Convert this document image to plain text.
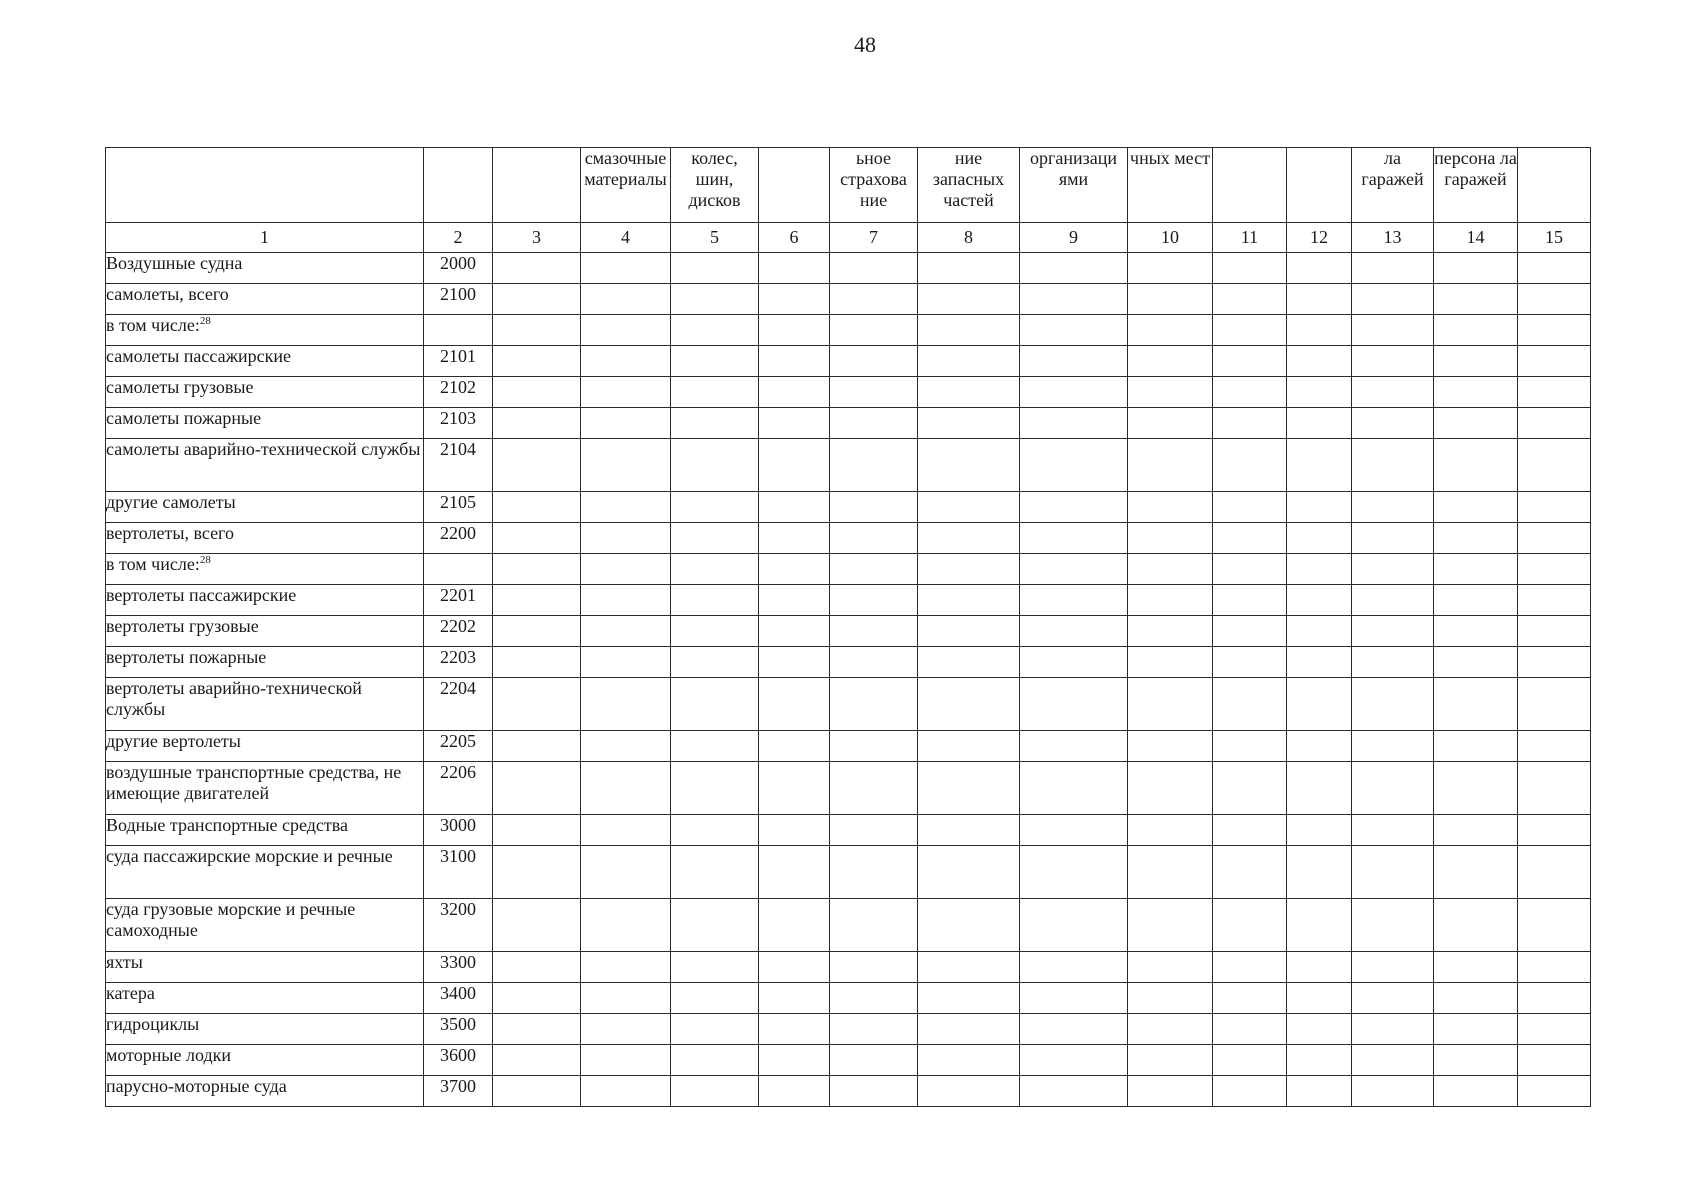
48
			смазочные материалы	колес, шин, дисков		ьное страхова ние	ние запасных частей	организаци ями	чных мест			ла гаражей	персона ла гаражей	
1	2	3	4	5	6	7	8	9	10	11	12	13	14	15
Воздушные судна	2000													
самолеты, всего	2100													
в том числе:$^{28}$														
самолеты пассажирские	2101													
самолеты грузовые	2102													
самолеты пожарные	2103													
самолеты аварийно-технической службы	2104													
другие самолеты	2105													
вертолеты, всего	2200													
в том числе:$^{28}$														
вертолеты пассажирские	2201													
вертолеты грузовые	2202													
вертолеты пожарные	2203													
вертолеты аварийно-технической службы	2204													
другие вертолеты	2205													
воздушные транспортные средства, не имеющие двигателей	2206													
Водные транспортные средства	3000													
суда пассажирские морские и речные	3100													
суда грузовые морские и речные самоходные	3200													
яхты	3300													
катера	3400													
гидроциклы	3500													
моторные лодки	3600													
парусно-моторные суда	3700													
